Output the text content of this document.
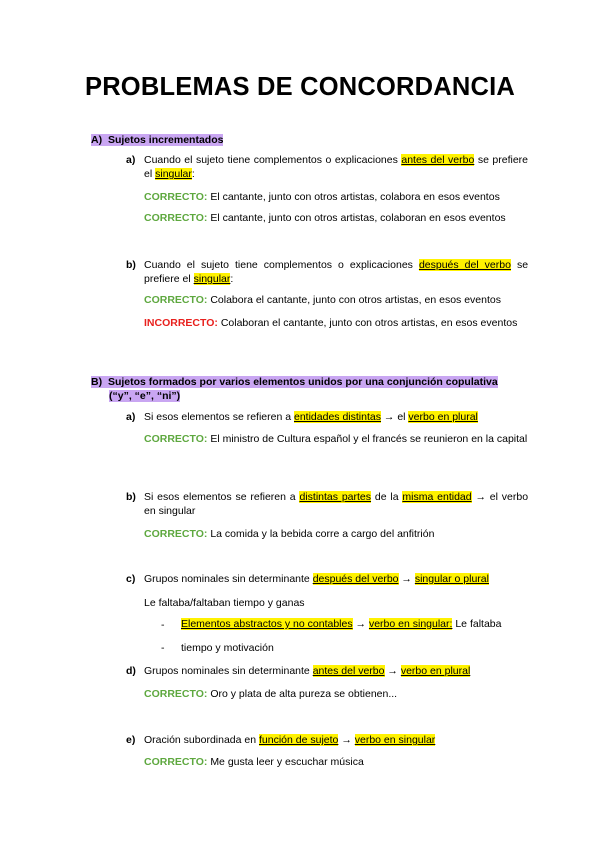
PROBLEMAS DE CONCORDANCIA
A) Sujetos incrementados
a) Cuando el sujeto tiene complementos o explicaciones antes del verbo se prefiere el singular:
CORRECTO: El cantante, junto con otros artistas, colabora en esos eventos
CORRECTO: El cantante, junto con otros artistas, colaboran en esos eventos
b) Cuando el sujeto tiene complementos o explicaciones después del verbo se prefiere el singular:
CORRECTO: Colabora el cantante, junto con otros artistas, en esos eventos
INCORRECTO: Colaboran el cantante, junto con otros artistas, en esos eventos
B) Sujetos formados por varios elementos unidos por una conjunción copulativa
(“y”, “e”, “ni”)
a) Si esos elementos se refieren a entidades distintas → el verbo en plural
CORRECTO: El ministro de Cultura español y el francés se reunieron en la capital
b) Si esos elementos se refieren a distintas partes de la misma entidad → el verbo en singular
CORRECTO: La comida y la bebida corre a cargo del anfitrión
c) Grupos nominales sin determinante después del verbo → singular o plural
Le faltaba/faltaban tiempo y ganas
- Elementos abstractos y no contables → verbo en singular: Le faltaba
- tiempo y motivación
d) Grupos nominales sin determinante antes del verbo → verbo en plural
CORRECTO: Oro y plata de alta pureza se obtienen...
e) Oración subordinada en función de sujeto → verbo en singular
CORRECTO: Me gusta leer y escuchar música
